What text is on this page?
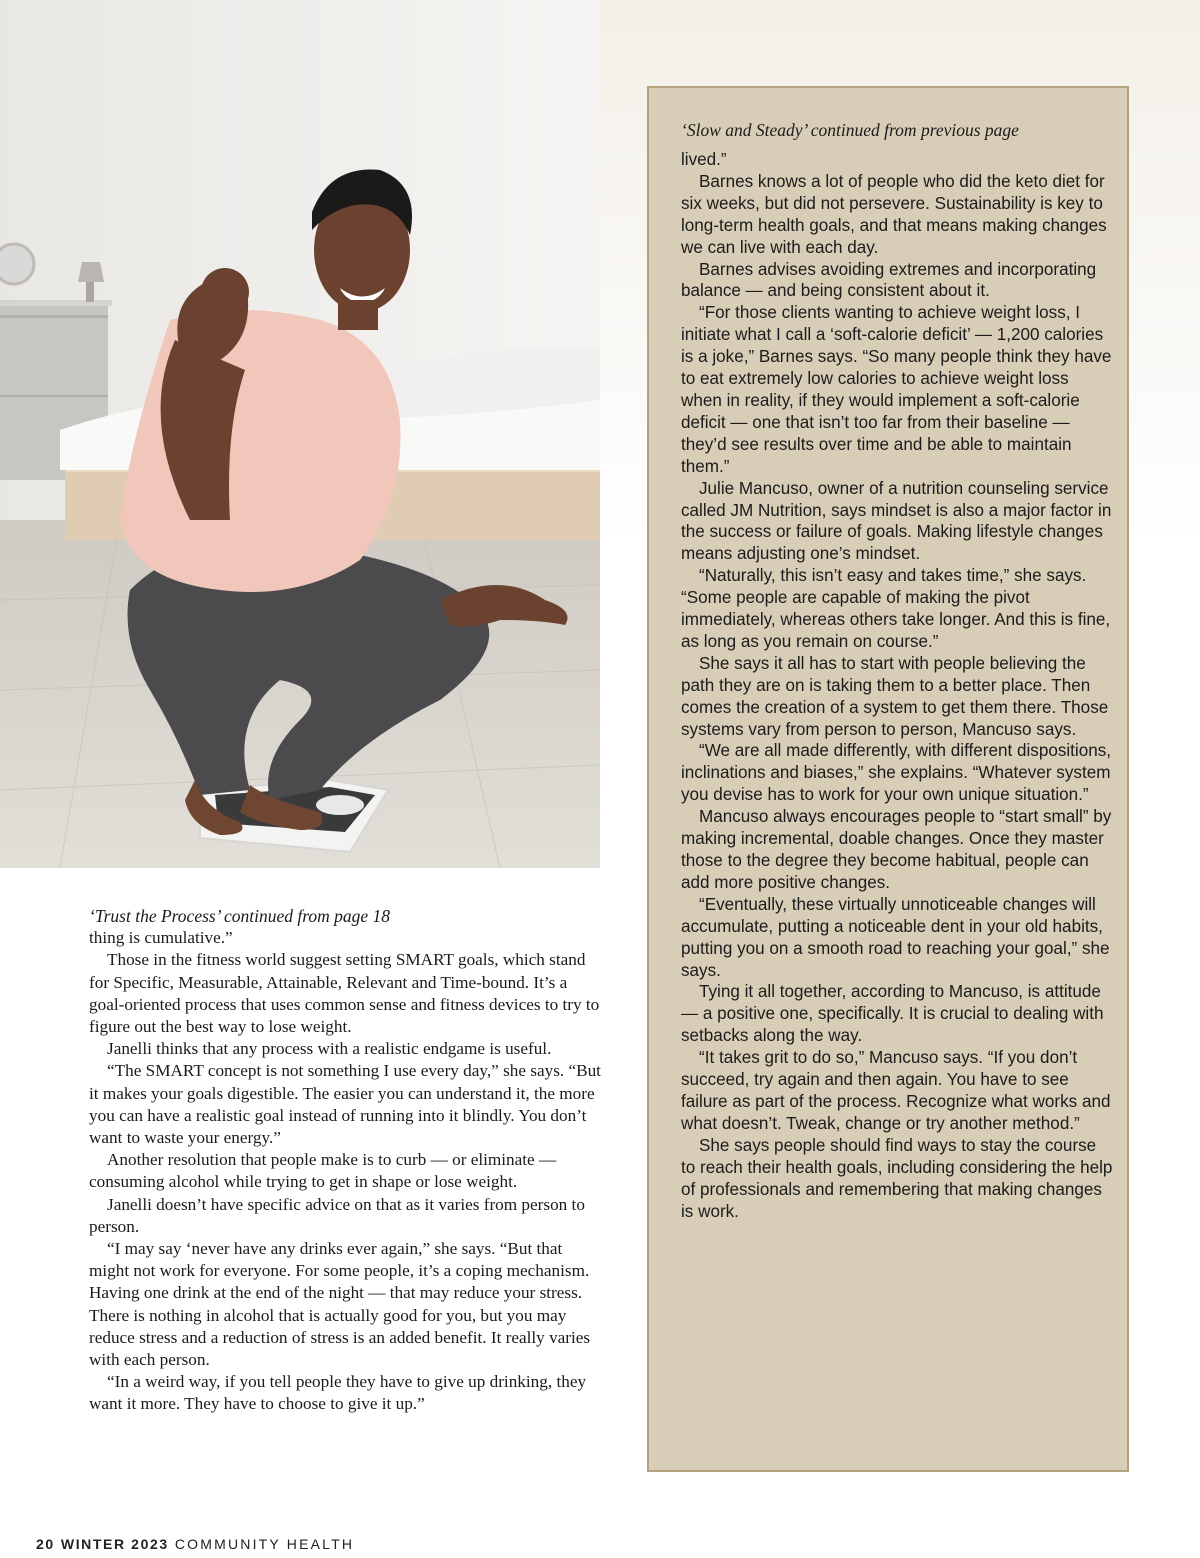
‘Trust the Process’ continued from page 18

thing is cumulative.”

Those in the fitness world suggest setting SMART goals, which stand for Specific, Measurable, Attainable, Relevant and Time-bound. It’s a goal-oriented process that uses common sense and fitness devices to try to figure out the best way to lose weight.

Janelli thinks that any process with a realistic endgame is useful.

“The SMART concept is not something I use every day,” she says. “But it makes your goals digestible. The easier you can understand it, the more you can have a realistic goal instead of running into it blindly. You don’t want to waste your energy.”

Another resolution that people make is to curb — or eliminate — consuming alcohol while trying to get in shape or lose weight.

Janelli doesn’t have specific advice on that as it varies from person to person.

“I may say ‘never have any drinks ever again,” she says. “But that might not work for everyone. For some people, it’s a coping mechanism. Having one drink at the end of the night — that may reduce your stress. There is nothing in alcohol that is actually good for you, but you may reduce stress and a reduction of stress is an added benefit. It really varies with each person.

“In a weird way, if you tell people they have to give up drinking, they want it more. They have to choose to give it up.”

‘Slow and Steady’ continued from previous page

lived.”

Barnes knows a lot of people who did the keto diet for six weeks, but did not persevere. Sustainability is key to long-term health goals, and that means making changes we can live with each day.

Barnes advises avoiding extremes and incorporating balance — and being consistent about it.

“For those clients wanting to achieve weight loss, I initiate what I call a ‘soft-calorie deficit’ — 1,200 calories is a joke,” Barnes says. “So many people think they have to eat extremely low calories to achieve weight loss when in reality, if they would implement a soft-calorie deficit — one that isn’t too far from their baseline — they’d see results over time and be able to maintain them.”

Julie Mancuso, owner of a nutrition counseling service called JM Nutrition, says mindset is also a major factor in the success or failure of goals. Making lifestyle changes means adjusting one’s mindset.

“Naturally, this isn’t easy and takes time,” she says. “Some people are capable of making the pivot immediately, whereas others take longer. And this is fine, as long as you remain on course.”

She says it all has to start with people believing the path they are on is taking them to a better place. Then comes the creation of a system to get them there. Those systems vary from person to person, Mancuso says.

“We are all made differently, with different dispositions, inclinations and biases,” she explains. “Whatever system you devise has to work for your own unique situation.”

Mancuso always encourages people to “start small” by making incremental, doable changes. Once they master those to the degree they become habitual, people can add more positive changes.

“Eventually, these virtually unnoticeable changes will accumulate, putting a noticeable dent in your old habits, putting you on a smooth road to reaching your goal,” she says.

Tying it all together, according to Mancuso, is attitude — a positive one, specifically. It is crucial to dealing with setbacks along the way.

“It takes grit to do so,” Mancuso says. “If you don’t succeed, try again and then again. You have to see failure as part of the process. Recognize what works and what doesn’t. Tweak, change or try another method.”

She says people should find ways to stay the course to reach their health goals, including considering the help of professionals and remembering that making changes is work.

20 WINTER 2023 COMMUNITY HEALTH
